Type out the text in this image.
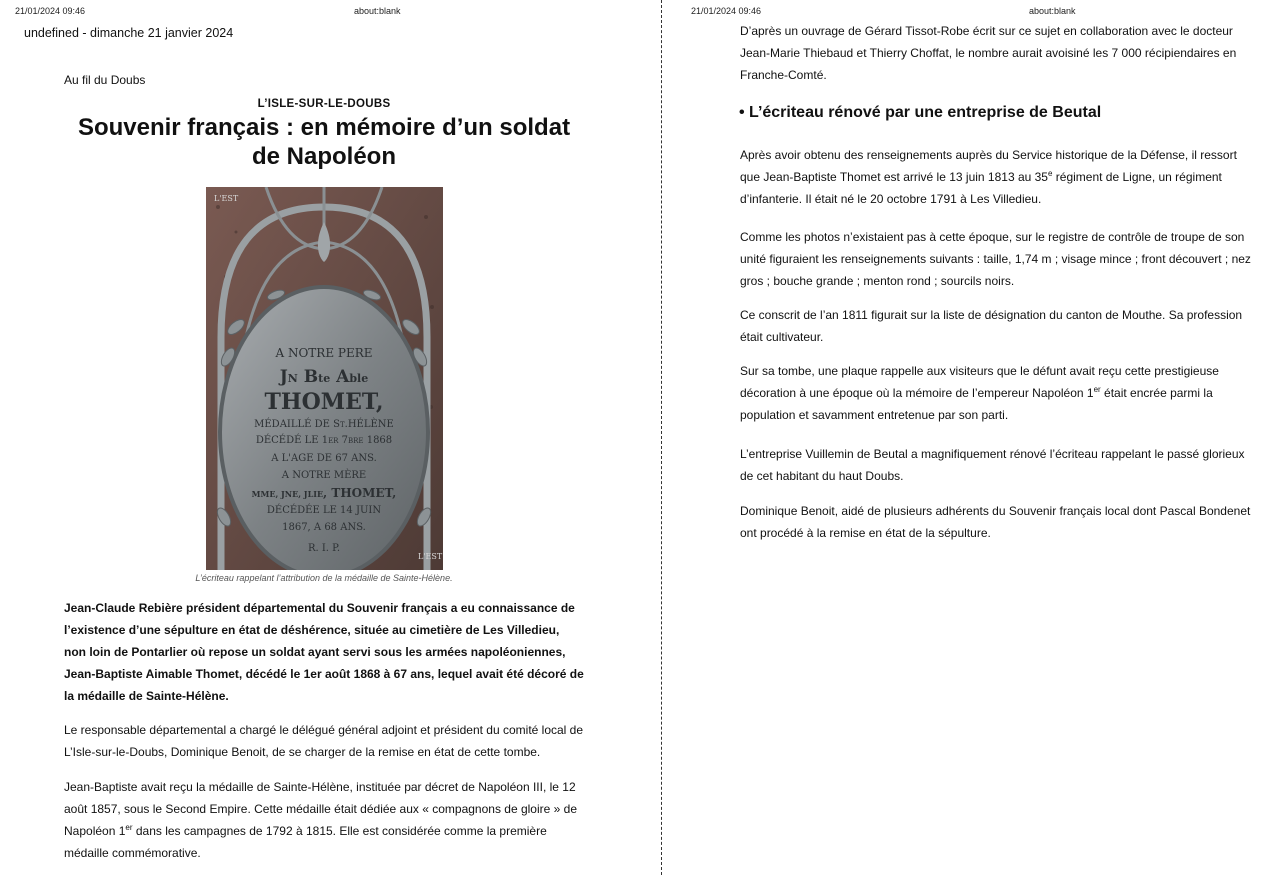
21/01/2024 09:46	about:blank
undefined - dimanche 21 janvier 2024
Au fil du Doubs
L’ISLE-SUR-LE-DOUBS
Souvenir français : en mémoire d’un soldat de Napoléon
A NOTRE PERE
JN Bte Able
THOMET,
MÉDAILLÉ DE ST.HÉLÈNE
DÉCÉDÉ LE 1ER 7BRE 1868
A L'AGE DE 67 ANS.
A NOTRE MÈRE
MME, JNE, JLIE, THOMET,
DÉCÉDÉE LE 14 JUIN
1867, A 68 ANS.
R. I. P.
L'EST
L'EST
L’écriteau rappelant l’attribution de la médaille de Sainte-Hélène.

Jean-Claude Rebière président départemental du Souvenir français a eu connaissance de l’existence d’une sépulture en état de déshérence, située au cimetière de Les Villedieu, non loin de Pontarlier où repose un soldat ayant servi sous les armées napoléoniennes, Jean-Baptiste Aimable Thomet, décédé le 1er août 1868 à 67 ans, lequel avait été décoré de la médaille de Sainte-Hélène.

Le responsable départemental a chargé le délégué général adjoint et président du comité local de L’Isle-sur-le-Doubs, Dominique Benoit, de se charger de la remise en état de cette tombe.

Jean-Baptiste avait reçu la médaille de Sainte-Hélène, instituée par décret de Napoléon III, le 12 août 1857, sous le Second Empire. Cette médaille était dédiée aux « compagnons de gloire » de Napoléon 1er dans les campagnes de 1792 à 1815. Elle est considérée comme la première médaille commémorative.

21/01/2024 09:46	about:blank

D’après un ouvrage de Gérard Tissot-Robe écrit sur ce sujet en collaboration avec le docteur Jean-Marie Thiebaud et Thierry Choffat, le nombre aurait avoisiné les 7 000 récipiendaires en Franche-Comté.

• L’écriteau rénové par une entreprise de Beutal

Après avoir obtenu des renseignements auprès du Service historique de la Défense, il ressort que Jean-Baptiste Thomet est arrivé le 13 juin 1813 au 35e régiment de Ligne, un régiment d’infanterie. Il était né le 20 octobre 1791 à Les Villedieu.

Comme les photos n’existaient pas à cette époque, sur le registre de contrôle de troupe de son unité figuraient les renseignements suivants : taille, 1,74 m ; visage mince ; front découvert ; nez gros ; bouche grande ; menton rond ; sourcils noirs.

Ce conscrit de l’an 1811 figurait sur la liste de désignation du canton de Mouthe. Sa profession était cultivateur.

Sur sa tombe, une plaque rappelle aux visiteurs que le défunt avait reçu cette prestigieuse décoration à une époque où la mémoire de l’empereur Napoléon 1er était encrée parmi la population et savamment entretenue par son parti.

L’entreprise Vuillemin de Beutal a magnifiquement rénové l’écriteau rappelant le passé glorieux de cet habitant du haut Doubs.

Dominique Benoit, aidé de plusieurs adhérents du Souvenir français local dont Pascal Bondenet ont procédé à la remise en état de la sépulture.
